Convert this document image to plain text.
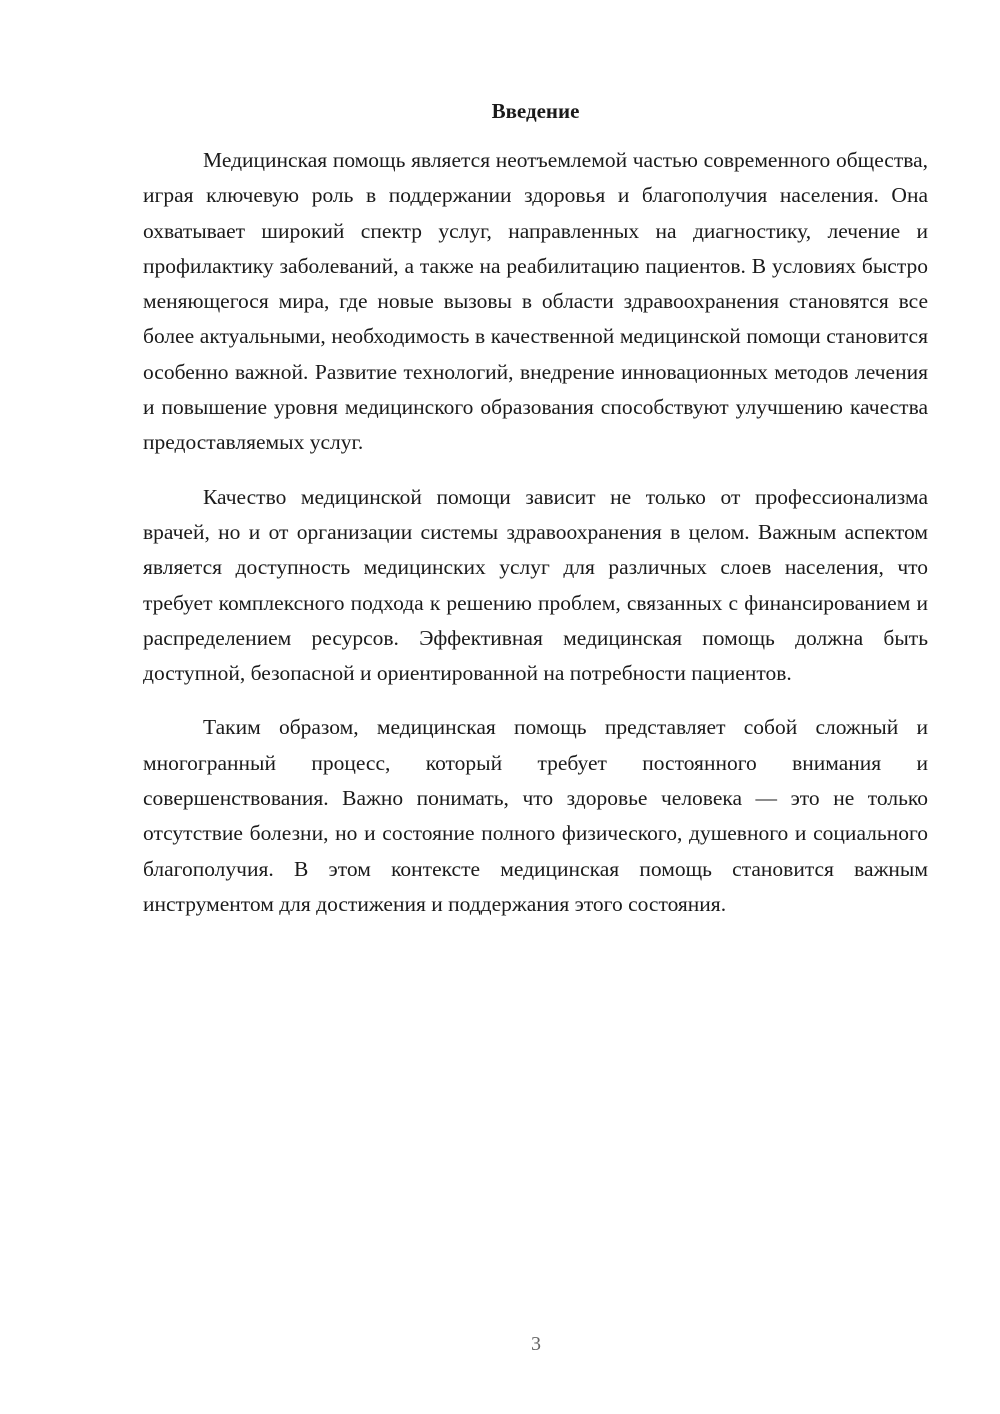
Введение

Медицинская помощь является неотъемлемой частью современного общества, играя ключевую роль в поддержании здоровья и благополучия населения. Она охватывает широкий спектр услуг, направленных на диагностику, лечение и профилактику заболеваний, а также на реабилитацию пациентов. В условиях быстро меняющегося мира, где новые вызовы в области здравоохранения становятся все более актуальными, необходимость в качественной медицинской помощи становится особенно важной. Развитие технологий, внедрение инновационных методов лечения и повышение уровня медицинского образования способствуют улучшению качества предоставляемых услуг.

Качество медицинской помощи зависит не только от профессионализма врачей, но и от организации системы здравоохранения в целом. Важным аспектом является доступность медицинских услуг для различных слоев населения, что требует комплексного подхода к решению проблем, связанных с финансированием и распределением ресурсов. Эффективная медицинская помощь должна быть доступной, безопасной и ориентированной на потребности пациентов.

Таким образом, медицинская помощь представляет собой сложный и многогранный процесс, который требует постоянного внимания и совершенствования. Важно понимать, что здоровье человека — это не только отсутствие болезни, но и состояние полного физического, душевного и социального благополучия. В этом контексте медицинская помощь становится важным инструментом для достижения и поддержания этого состояния.

3
